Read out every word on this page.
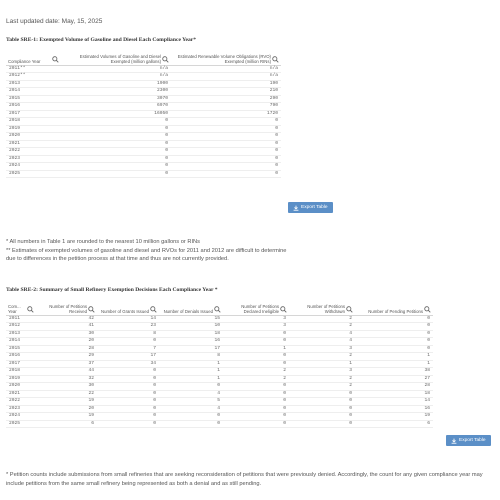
Last updated date: May, 15, 2025
Table SRE-1: Exempted Volume of Gasoline and Diesel Each Compliance Year*
Compliance Year	Estimated Volumes of Gasoline and Diesel Exempted (million gallons)	Estimated Renewable Volume Obligations (RVO) Exempted (million RINs)

2011**	n/a	n/a
2012**	n/a	n/a
2013	1900	190
2014	2300	210
2015	3070	290
2016	6970	790
2017	16050	1720
2018	0	0
2019	0	0
2020	0	0
2021	0	0
2022	0	0
2023	0	0
2024	0	0
2025	0	0
Export Table
* All numbers in Table 1 are rounded to the nearest 10 million gallons or RINs
** Estimates of exempted volumes of gasoline and diesel and RVOs for 2011 and 2012 are difficult to determine due to differences in the petition process at that time and thus are not currently provided.
Table SRE-2: Summary of Small Refinery Exemption Decisions Each Compliance Year *
Com... Year	Number of Petitions Received	Number of Grants Issued	Number of Denials Issued	Number of Petitions Declared Ineligible	Number of Petitions Withdrawn	Number of Pending Petitions

2011	42	14	15	3	2	0
2012	41	23	10	3	2	0
2013	30	8	18	0	4	0
2014	20	0	16	0	4	0
2015	28	7	17	1	3	0
2016	29	17	8	0	2	1
2017	37	34	1	0	1	1
2018	44	0	1	2	3	38
2019	32	0	1	2	2	27
2020	30	0	0	0	2	28
2021	22	0	4	0	0	18
2022	19	0	5	0	0	14
2023	20	0	4	0	0	16
2024	19	0	0	0	0	19
2025	6	0	0	0	0	6
Export Table
* Petition counts include submissions from small refineries that are seeking reconsideration of petitions that were previously denied. Accordingly, the count for any given compliance year may include petitions from the same small refinery being represented as both a denial and as still pending.
